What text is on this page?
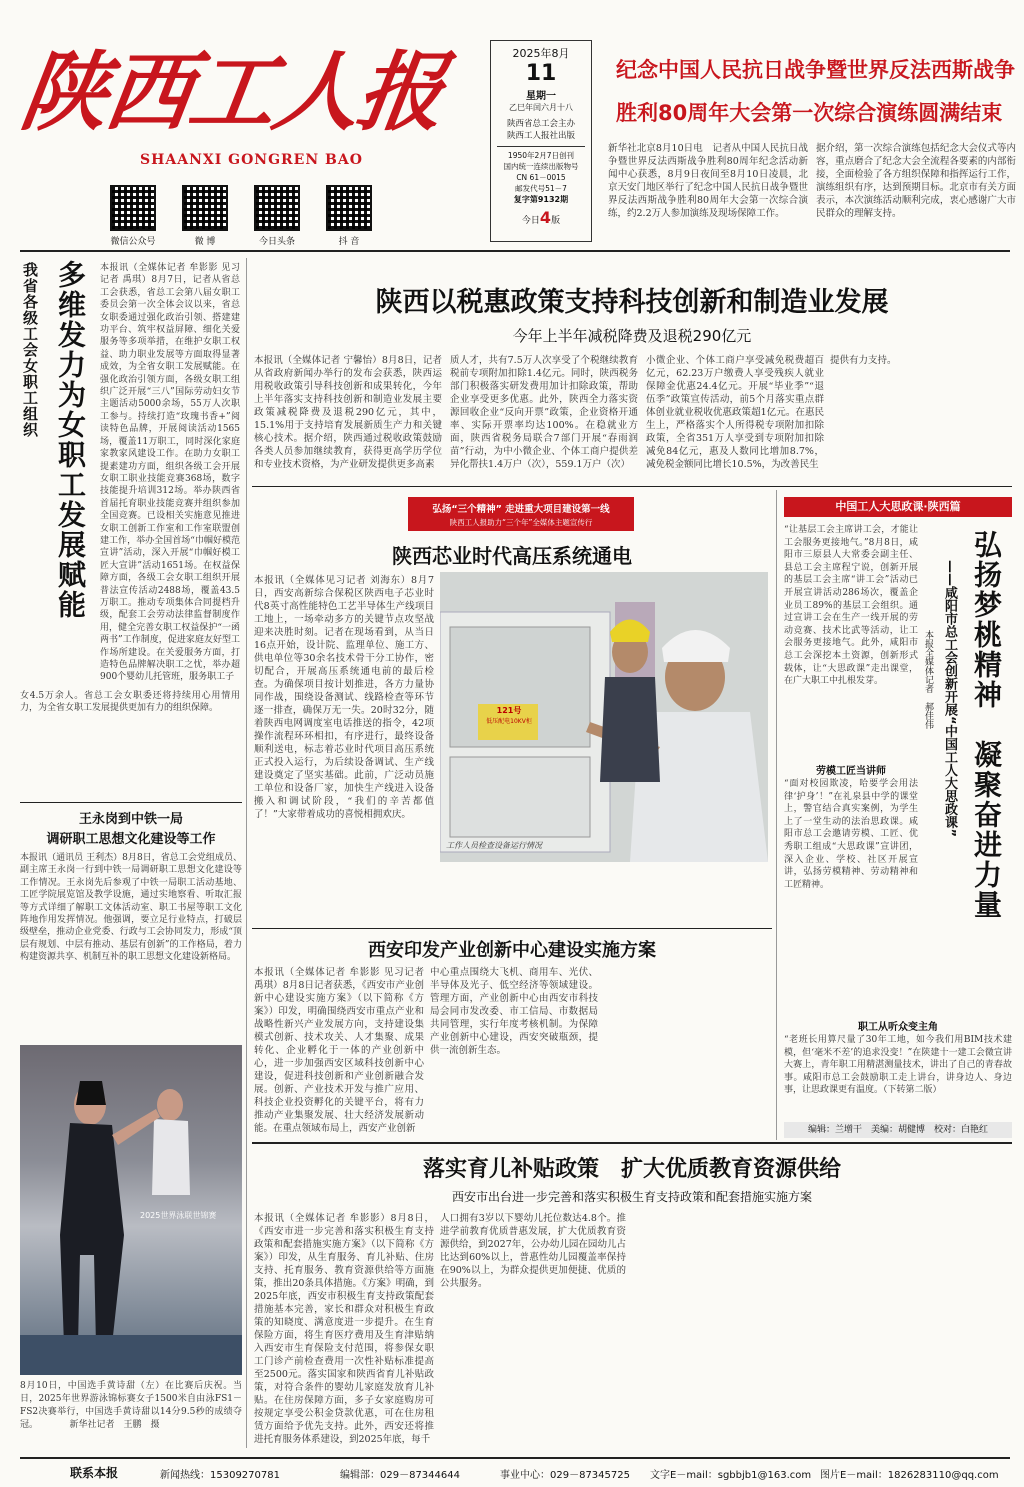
陕西工人报
SHAANXI GONGREN BAO
微信公众号	微 博	今日头条	抖 音
2025年8月
11
星期一
乙巳年闰六月十八
陕西省总工会主办
陕西工人报社出版
1950年2月7日创刊
国内统一连续出版物号
CN 61－0015
邮发代号51－7
复字第9132期
今日4版
纪念中国人民抗日战争暨世界反法西斯战争
胜利80周年大会第一次综合演练圆满结束
新华社北京8月10日电　记者从中国人民抗日战争暨世界反法西斯战争胜利80周年纪念活动新闻中心获悉，8月9日夜间至8月10日凌晨，北京天安门地区举行了纪念中国人民抗日战争暨世界反法西斯战争胜利80周年大会第一次综合演练，约2.2万人参加演练及现场保障工作。
据介绍，第一次综合演练包括纪念大会仪式等内容，重点磨合了纪念大会全流程各要素的内部衔接，全面检验了各方组织保障和指挥运行工作，演练组织有序，达到预期目标。北京市有关方面表示，本次演练活动顺利完成，衷心感谢广大市民群众的理解支持。
我省各级工会女职工组织 多维发力为女职工发展赋能	本报讯（全媒体记者 牟影影 见习记者 禹琪）8月7日，记者从省总工会获悉，省总工会第八届女职工委员会第一次全体会议以来，省总女职委通过强化政治引领、搭建建功平台、筑牢权益屏障、细化关爱服务等多项举措，在维护女职工权益、助力职业发展等方面取得显著成效，为全省女职工发展赋能。在强化政治引领方面，各级女职工组织广泛开展“三八”国际劳动妇女节主题活动5000余场，55万人次职工参与。持续打造“玫瑰书香+”阅读特色品牌，开展阅读活动1565场，覆盖11万职工，同时深化家庭家教家风建设工作。在助力女职工提素建功方面，组织各级工会开展女职工职业技能竞赛368场，数字技能提升培训312场。举办陕西省首届托育职业技能竞赛并组织参加全国竞赛。已设相关实施意见推进女职工创新工作室和工作室联盟创建工作，举办全国首场“巾帼好模范宣讲”活动，深入开展“巾帼好模工匠大宣讲”活动1651场。在权益保障方面，各级工会女职工组织开展普法宣传活动2488场，覆盖43.5万职工。推动专项集体合同提档升级，配套工会劳动法律监督制度作用，健全完善女职工权益保护“一函两书”工作制度，促进家庭友好型工作场所建设。在关爱服务方面，打造特色品牌解决职工之忧，举办超900个婴幼儿托管班，服务职工子
女4.5万余人。省总工会女职委还将持续用心用情用力，为全省女职工发展提供更加有力的组织保障。
王永岗到中铁一局
调研职工思想文化建设等工作
本报讯（通讯员 王利杰）8月8日，省总工会党组成员、副主席王永岗一行到中铁一局调研职工思想文化建设等工作情况。王永岗先后参观了中铁一局职工活动基地、工匠学院展览馆及教学设施，通过实地察看、听取汇报等方式详细了解职工文体活动室、职工书屋等职工文化阵地作用发挥情况。他强调，要立足行业特点，打破层级壁垒，推动企业党委、行政与工会协同发力，形成“顶层有规划、中层有推动、基层有创新”的工作格局，着力构建资源共享、机制互补的职工思想文化建设新格局。
2025世界泳联世锦赛
8月10日，中国选手黄诗甜（左）在比赛后庆祝。当日，2025年世界游泳锦标赛女子1500米自由泳FS1－FS2决赛举行，中国选手黄诗甜以14分9.5秒的成绩夺冠。　　　　新华社记者　王鹏　摄
陕西以税惠政策支持科技创新和制造业发展
今年上半年减税降费及退税290亿元
本报讯（全媒体记者 宁馨怡）8月8日，记者从省政府新闻办举行的发布会获悉，陕西运用税收政策引导科技创新和成果转化，今年上半年落实支持科技创新和制造业发展主要政策减税降费及退税290亿元，其中，15.1%用于支持培育发展新质生产力和关键核心技术。据介绍，陕西通过税收政策鼓励各类人员参加继续教育，获得更高学历学位和专业技术资格，为产业研发提供更多高素
质人才，共有7.5万人次享受了个税继续教育税前专项附加扣除1.4亿元。同时，陕西税务部门积极落实研发费用加计扣除政策，帮助企业享受更多优惠。此外，陕西全力落实资源回收企业“反向开票”政策，企业资格开通率、实际开票率均达100%。在稳就业方面，陕西省税务局联合7部门开展“春雨润苗”行动，为中小微企业、个体工商户提供差异化帮扶1.4万户（次），559.1万户（次）
小微企业、个体工商户享受减免税费超百亿元，62.23万户缴费人享受残疾人就业保障金优惠24.4亿元。开展“毕业季”“退伍季”政策宣传活动，前5个月落实重点群体创业就业税收优惠政策超1亿元。在惠民生上，严格落实个人所得税专项附加扣除政策，全省351万人享受到专项附加扣除减免84亿元，惠及人数同比增加8.7%，减免税金额同比增长10.5%，为改善民生
提供有力支持。
弘扬“三个精神” 走进重大项目建设第一线
陕西工人报助力“三个年”全媒体主题宣传行
陕西芯业时代高压系统通电
121号
低压配电10KV柜
工作人员检查设备运行情况
本报讯（全媒体见习记者 刘海东）8月7日，西安高新综合保税区陕西电子芯业时代8英寸高性能特色工艺半导体生产线项目工地上，一场牵动多方的关键节点攻坚战迎来决胜时刻。记者在现场看到，从当日16点开始，设计院、监理单位、施工方、供电单位等30余名技术骨干分工协作，密切配合，开展高压系统通电前的最后检查。为确保项目按计划推进，各方力量协同作战，围绕设备测试、线路检查等环节逐一排查，确保万无一失。20时32分，随着陕西电网调度室电话推送的指令，42项操作流程环环相扣，有序进行，最终设备顺利送电，标志着芯业时代项目高压系统正式投入运行，为后续设备调试、生产线建设奠定了坚实基础。此前，广泛动员施工单位和设备厂家，加快生产线进入设备搬入和调试阶段，“我们的辛苦都值了！”大家带着成功的喜悦相拥欢庆。
西安印发产业创新中心建设实施方案
本报讯（全媒体记者 牟影影 见习记者 禹琪）8月8日记者获悉，《西安市产业创新中心建设实施方案》（以下简称《方案》）印发，明确围绕西安市重点产业和战略性新兴产业发展方向，支持建设集模式创新、技术攻关、人才集聚、成果转化、企业孵化于一体的产业创新中心，进一步加强西安区域科技创新中心建设，促进科技创新和产业创新融合发展。创新、产业技术开发与推广应用、科技企业投资孵化的关键平台，将有力推动产业集聚发展、壮大经济发展新动能。在重点领域布局上，西安产业创新
中心重点围绕大飞机、商用车、光伏、半导体及光子、低空经济等领域建设。管理方面，产业创新中心由西安市科技局会同市发改委、市工信局、市数据局共同管理，实行年度考核机制。为保障产业创新中心建设，西安突破瓶颈，提供一流创新生态。
中国工人大思政课·陕西篇
弘扬梦桃精神　凝聚奋进力量
——咸阳市总工会创新开展“中国工人大思政课”
本报全媒体记者　郝佳伟
“让基层工会主席讲工会，才能让工会服务更接地气。”8月8日，咸阳市三原县人大常委会副主任、县总工会主席程宁说，创新开展的基层工会主席“讲工会”活动已开展宣讲活动286场次，覆盖企业员工89%的基层工会组织。通过宣讲工会在生产一线开展的劳动竞赛、技术比武等活动，让工会服务更接地气。此外，咸阳市总工会深挖本土资源，创新形式载体，让“大思政课”走出课堂，在广大职工中扎根发芽。
劳模工匠当讲师
“面对校园欺凌，哈要学会用法律‘护身’！”在礼泉县中学的课堂上，警官结合真实案例，为学生上了一堂生动的法治思政课。咸阳市总工会邀请劳模、工匠、优秀职工组成“大思政课”宣讲团，深入企业、学校、社区开展宣讲，弘扬劳模精神、劳动精神和工匠精神。
职工从听众变主角
“老班长用算尺量了30年工地，如今我们用BIM技术建模，但‘毫米不差’的追求没变！”在陕建十一建工会微宣讲大赛上，青年职工用精湛测量技术，讲出了自己的青春故事。咸阳市总工会鼓励职工走上讲台，讲身边人、身边事，让思政课更有温度。（下转第二版）
编辑：兰增干　美编：胡健博　校对：白艳红
落实育儿补贴政策　扩大优质教育资源供给
西安市出台进一步完善和落实积极生育支持政策和配套措施实施方案
本报讯（全媒体记者 牟影影）8月8日，《西安市进一步完善和落实积极生育支持政策和配套措施实施方案》（以下简称《方案》）印发，从生育服务、育儿补贴、住房支持、托育服务、教育资源供给等方面施策，推出20条具体措施。《方案》明确，到2025年底，西安市积极生育支持政策配套措施基本完善，家长和群众对积极生育政策的知晓度、满意度进一步提升。在生育保险方面，将生育医疗费用及生育津贴纳入西安市生育保险支付范围，将参保女职工门诊产前检查费用一次性补贴标准提高至2500元。落实国家和陕西省育儿补贴政策，对符合条件的婴幼儿家庭发放育儿补贴。在住房保障方面，多子女家庭购房可按规定享受公积金贷款优惠，可在住房租赁方面给予优先支持。此外，西安还将推进托育服务体系建设，到2025年底，每千
人口拥有3岁以下婴幼儿托位数达4.8个。推进学前教育优质普惠发展，扩大优质教育资源供给，到2027年，公办幼儿园在园幼儿占比达到60%以上，普惠性幼儿园覆盖率保持在90%以上，为群众提供更加便捷、优质的公共服务。
联系本报	新闻热线：15309270781	编辑部：029－87344644	事业中心：029－87345725 文字E－mail：sgbbjb1@163.com 图片E－mail：1826283110@qq.com
